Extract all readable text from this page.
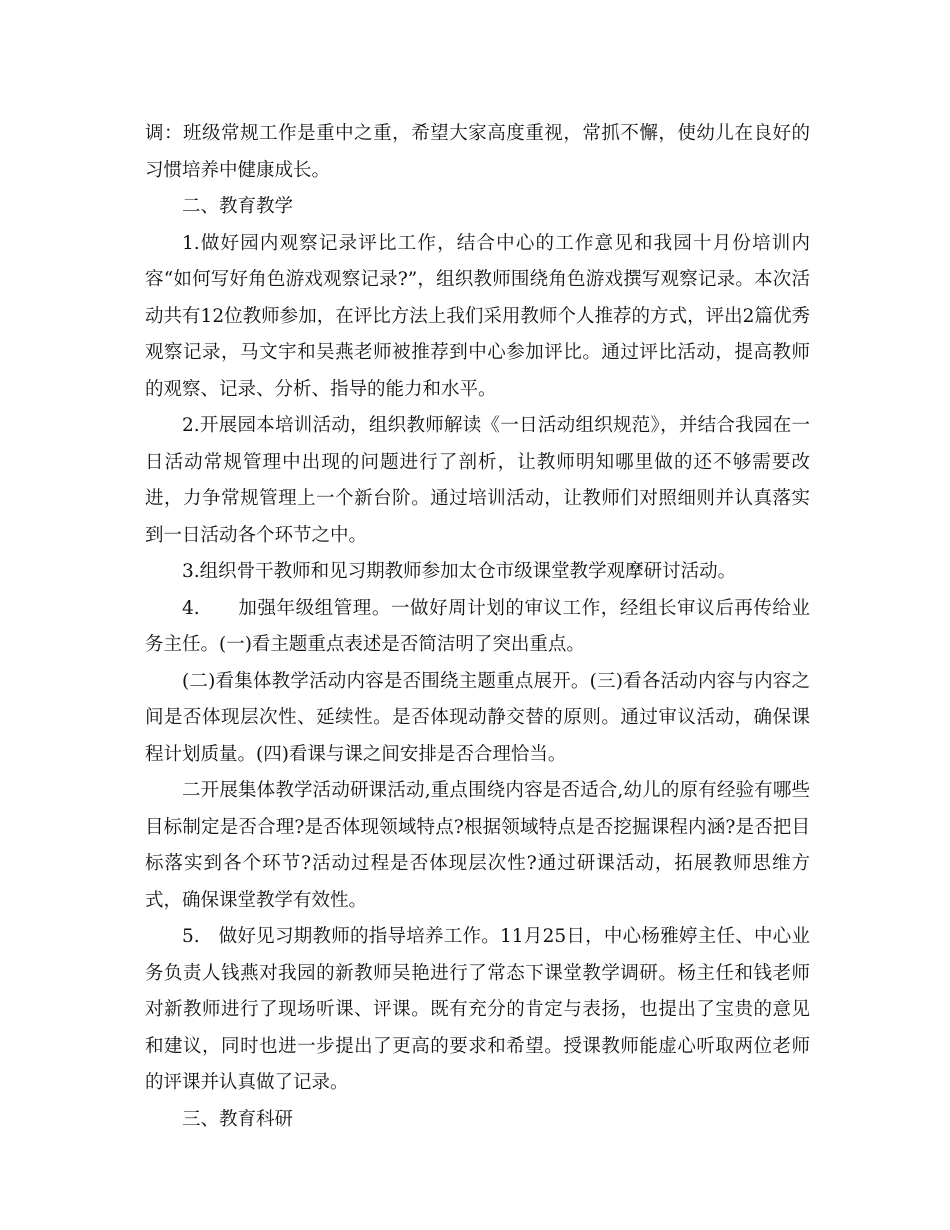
调：班级常规工作是重中之重，希望大家高度重视，常抓不懈，使幼儿在良好的习惯培养中健康成长。

二、教育教学

1.做好园内观察记录评比工作，结合中心的工作意见和我园十月份培训内容“如何写好角色游戏观察记录?”，组织教师围绕角色游戏撰写观察记录。本次活动共有12位教师参加，在评比方法上我们采用教师个人推荐的方式，评出2篇优秀观察记录，马文宇和吴燕老师被推荐到中心参加评比。通过评比活动，提高教师的观察、记录、分析、指导的能力和水平。

2.开展园本培训活动，组织教师解读《一日活动组织规范》，并结合我园在一日活动常规管理中出现的问题进行了剖析，让教师明知哪里做的还不够需要改进，力争常规管理上一个新台阶。通过培训活动，让教师们对照细则并认真落实到一日活动各个环节之中。

3.组织骨干教师和见习期教师参加太仓市级课堂教学观摩研讨活动。

4.　　加强年级组管理。一做好周计划的审议工作，经组长审议后再传给业务主任。(一)看主题重点表述是否简洁明了突出重点。

(二)看集体教学活动内容是否围绕主题重点展开。(三)看各活动内容与内容之间是否体现层次性、延续性。是否体现动静交替的原则。通过审议活动，确保课程计划质量。(四)看课与课之间安排是否合理恰当。

二开展集体教学活动研课活动,重点围绕内容是否适合,幼儿的原有经验有哪些目标制定是否合理?是否体现领域特点?根据领域特点是否挖掘课程内涵?是否把目标落实到各个环节?活动过程是否体现层次性?通过研课活动，拓展教师思维方式，确保课堂教学有效性。

5.　做好见习期教师的指导培养工作。11月25日，中心杨雅婷主任、中心业务负责人钱燕对我园的新教师吴艳进行了常态下课堂教学调研。杨主任和钱老师对新教师进行了现场听课、评课。既有充分的肯定与表扬，也提出了宝贵的意见和建议，同时也进一步提出了更高的要求和希望。授课教师能虚心听取两位老师的评课并认真做了记录。

三、教育科研
